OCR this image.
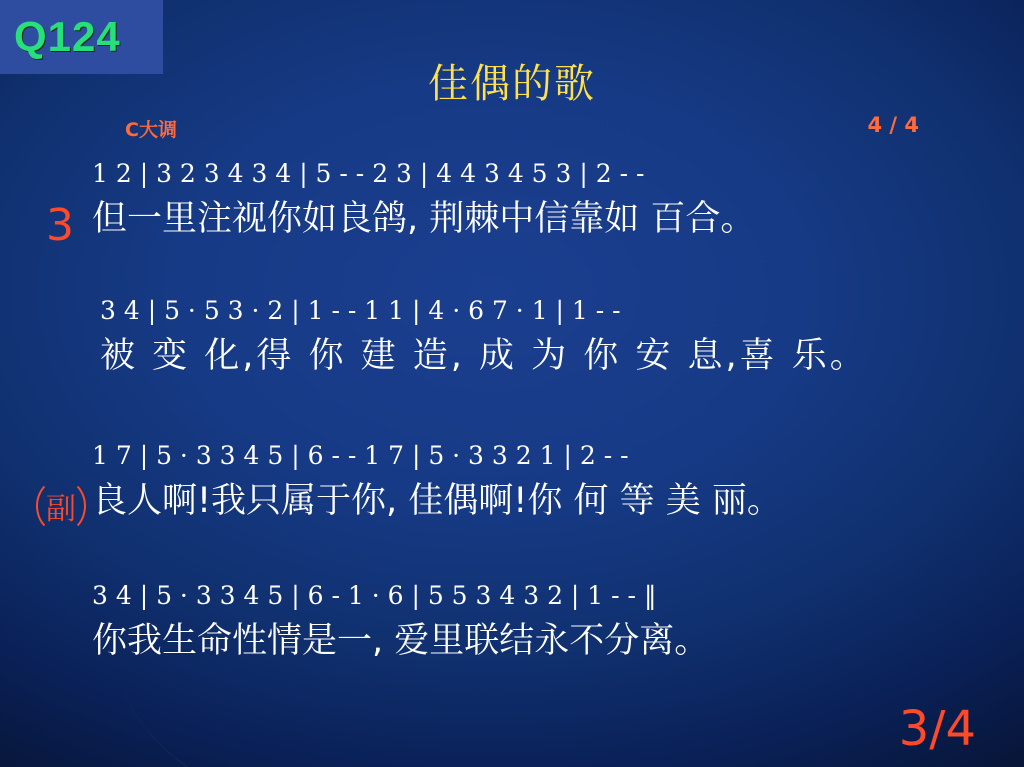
Q124
佳偶的歌
C大调	4 / 4
3
副
1 2 | 3 2 3 4 3 4 | 5 - - 2 3 | 4 4 3 4 5 3 | 2 - -
但一里注视你如良鸽, 荆棘中信靠如 百合。
3 4 | 5 · 5 3 · 2 | 1 - - 1 1 | 4 · 6 7 · 1 | 1 - -
被 变 化,得 你 建 造, 成 为 你 安 息,喜 乐。
1 7 | 5 · 3 3 4 5 | 6 - - 1 7 | 5 · 3 3 2 1 | 2 - -
良人啊!我只属于你, 佳偶啊!你 何 等 美 丽。
3 4 | 5 · 3 3 4 5 | 6 - 1 · 6 | 5 5 3 4 3 2 | 1 - - ‖
你我生命性情是一, 爱里联结永不分离。
3/4
